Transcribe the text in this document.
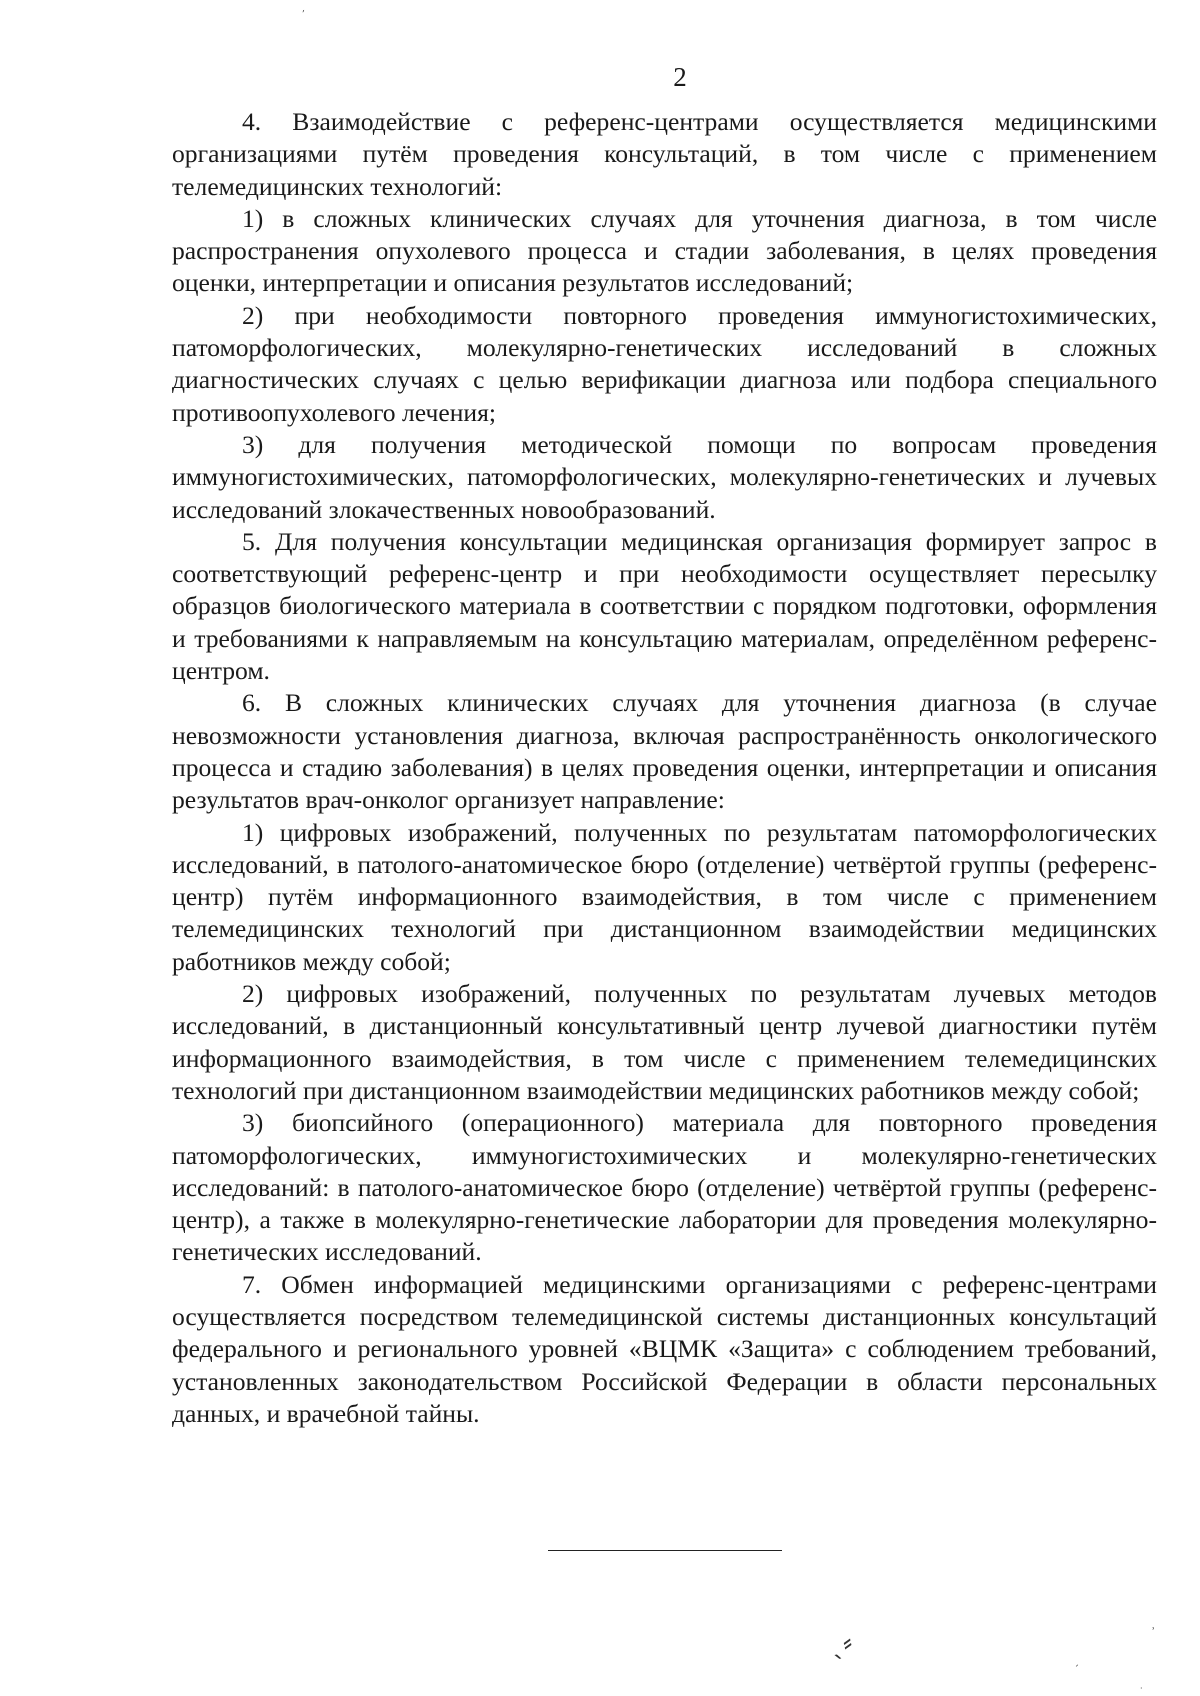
´
2

4. Взаимодействие с референс-центрами осуществляется медицинскими организациями путём проведения консультаций, в том числе с применением телемедицинских технологий:

1) в сложных клинических случаях для уточнения диагноза, в том числе распространения опухолевого процесса и стадии заболевания, в целях проведения оценки, интерпретации и описания результатов исследований;

2) при необходимости повторного проведения иммуногистохимических, патоморфологических, молекулярно-генетических исследований в сложных диагностических случаях с целью верификации диагноза или подбора специального противоопухолевого лечения;

3) для получения методической помощи по вопросам проведения иммуногистохимических, патоморфологических, молекулярно-генетических и лучевых исследований злокачественных новообразований.

5. Для получения консультации медицинская организация формирует запрос в соответствующий референс-центр и при необходимости осуществляет пересылку образцов биологического материала в соответствии с порядком подготовки, оформления и требованиями к направляемым на консультацию материалам, определённом референс-центром.

6. В сложных клинических случаях для уточнения диагноза (в случае невозможности установления диагноза, включая распространённость онкологического процесса и стадию заболевания) в целях проведения оценки, интерпретации и описания результатов врач-онколог организует направление:

1) цифровых изображений, полученных по результатам патоморфологических исследований, в патолого-анатомическое бюро (отделение) четвёртой группы (референс-центр) путём информационного взаимодействия, в том числе с применением телемедицинских технологий при дистанционном взаимодействии медицинских работников между собой;

2) цифровых изображений, полученных по результатам лучевых методов исследований, в дистанционный консультативный центр лучевой диагностики путём информационного взаимодействия, в том числе с применением телемедицинских технологий при дистанционном взаимодействии медицинских работников между собой;

3) биопсийного (операционного) материала для повторного проведения патоморфологических, иммуногистохимических и молекулярно-генетических исследований: в патолого-анатомическое бюро (отделение) четвёртой группы (референс-центр), а также в молекулярно-генетические лаборатории для проведения молекулярно-генетических исследований.

7. Обмен информацией медицинскими организациями с референс-центрами осуществляется посредством телемедицинской системы дистанционных консультаций федерального и регионального уровней «ВЦМК «Защита» с соблюдением требований, установленных законодательством Российской Федерации в области персональных данных, и врачебной тайны.

ˎ⸗	˒
ˏ
·
